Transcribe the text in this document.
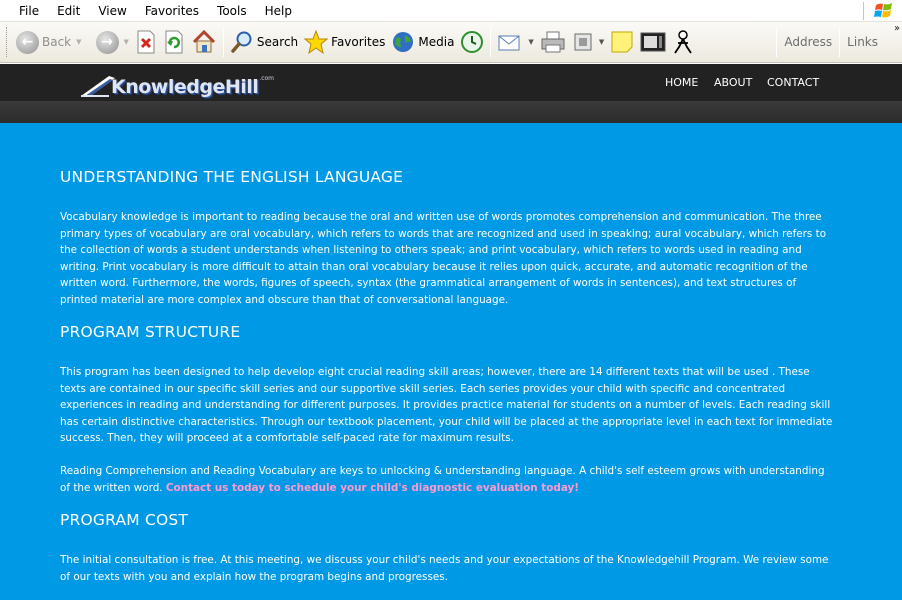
File	Edit	View	Favorites	Tools	Help
← Back ▼	→	▼	Search	Favorites	Media	▼	▼	Address	Links
››
KnowledgeHill .com	HOME ABOUT CONTACT
UNDERSTANDING THE ENGLISH LANGUAGE

Vocabulary knowledge is important to reading because the oral and written use of words promotes comprehension and communication. The three primary types of vocabulary are oral vocabulary, which refers to words that are recognized and used in speaking; aural vocabulary, which refers to the collection of words a student understands when listening to others speak; and print vocabulary, which refers to words used in reading and writing. Print vocabulary is more difficult to attain than oral vocabulary because it relies upon quick, accurate, and automatic recognition of the written word. Furthermore, the words, figures of speech, syntax (the grammatical arrangement of words in sentences), and text structures of printed material are more complex and obscure than that of conversational language.

PROGRAM STRUCTURE

This program has been designed to help develop eight crucial reading skill areas; however, there are 14 different texts that will be used . These texts are contained in our specific skill series and our supportive skill series. Each series provides your child with specific and concentrated experiences in reading and understanding for different purposes. It provides practice material for students on a number of levels. Each reading skill has certain distinctive characteristics. Through our textbook placement, your child will be placed at the appropriate level in each text for immediate success. Then, they will proceed at a comfortable self-paced rate for maximum results.

Reading Comprehension and Reading Vocabulary are keys to unlocking & understanding language. A child's self esteem grows with understanding of the written word. Contact us today to schedule your child's diagnostic evaluation today!

PROGRAM COST

The initial consultation is free. At this meeting, we discuss your child's needs and your expectations of the Knowledgehill Program. We review some of our texts with you and explain how the program begins and progresses.
